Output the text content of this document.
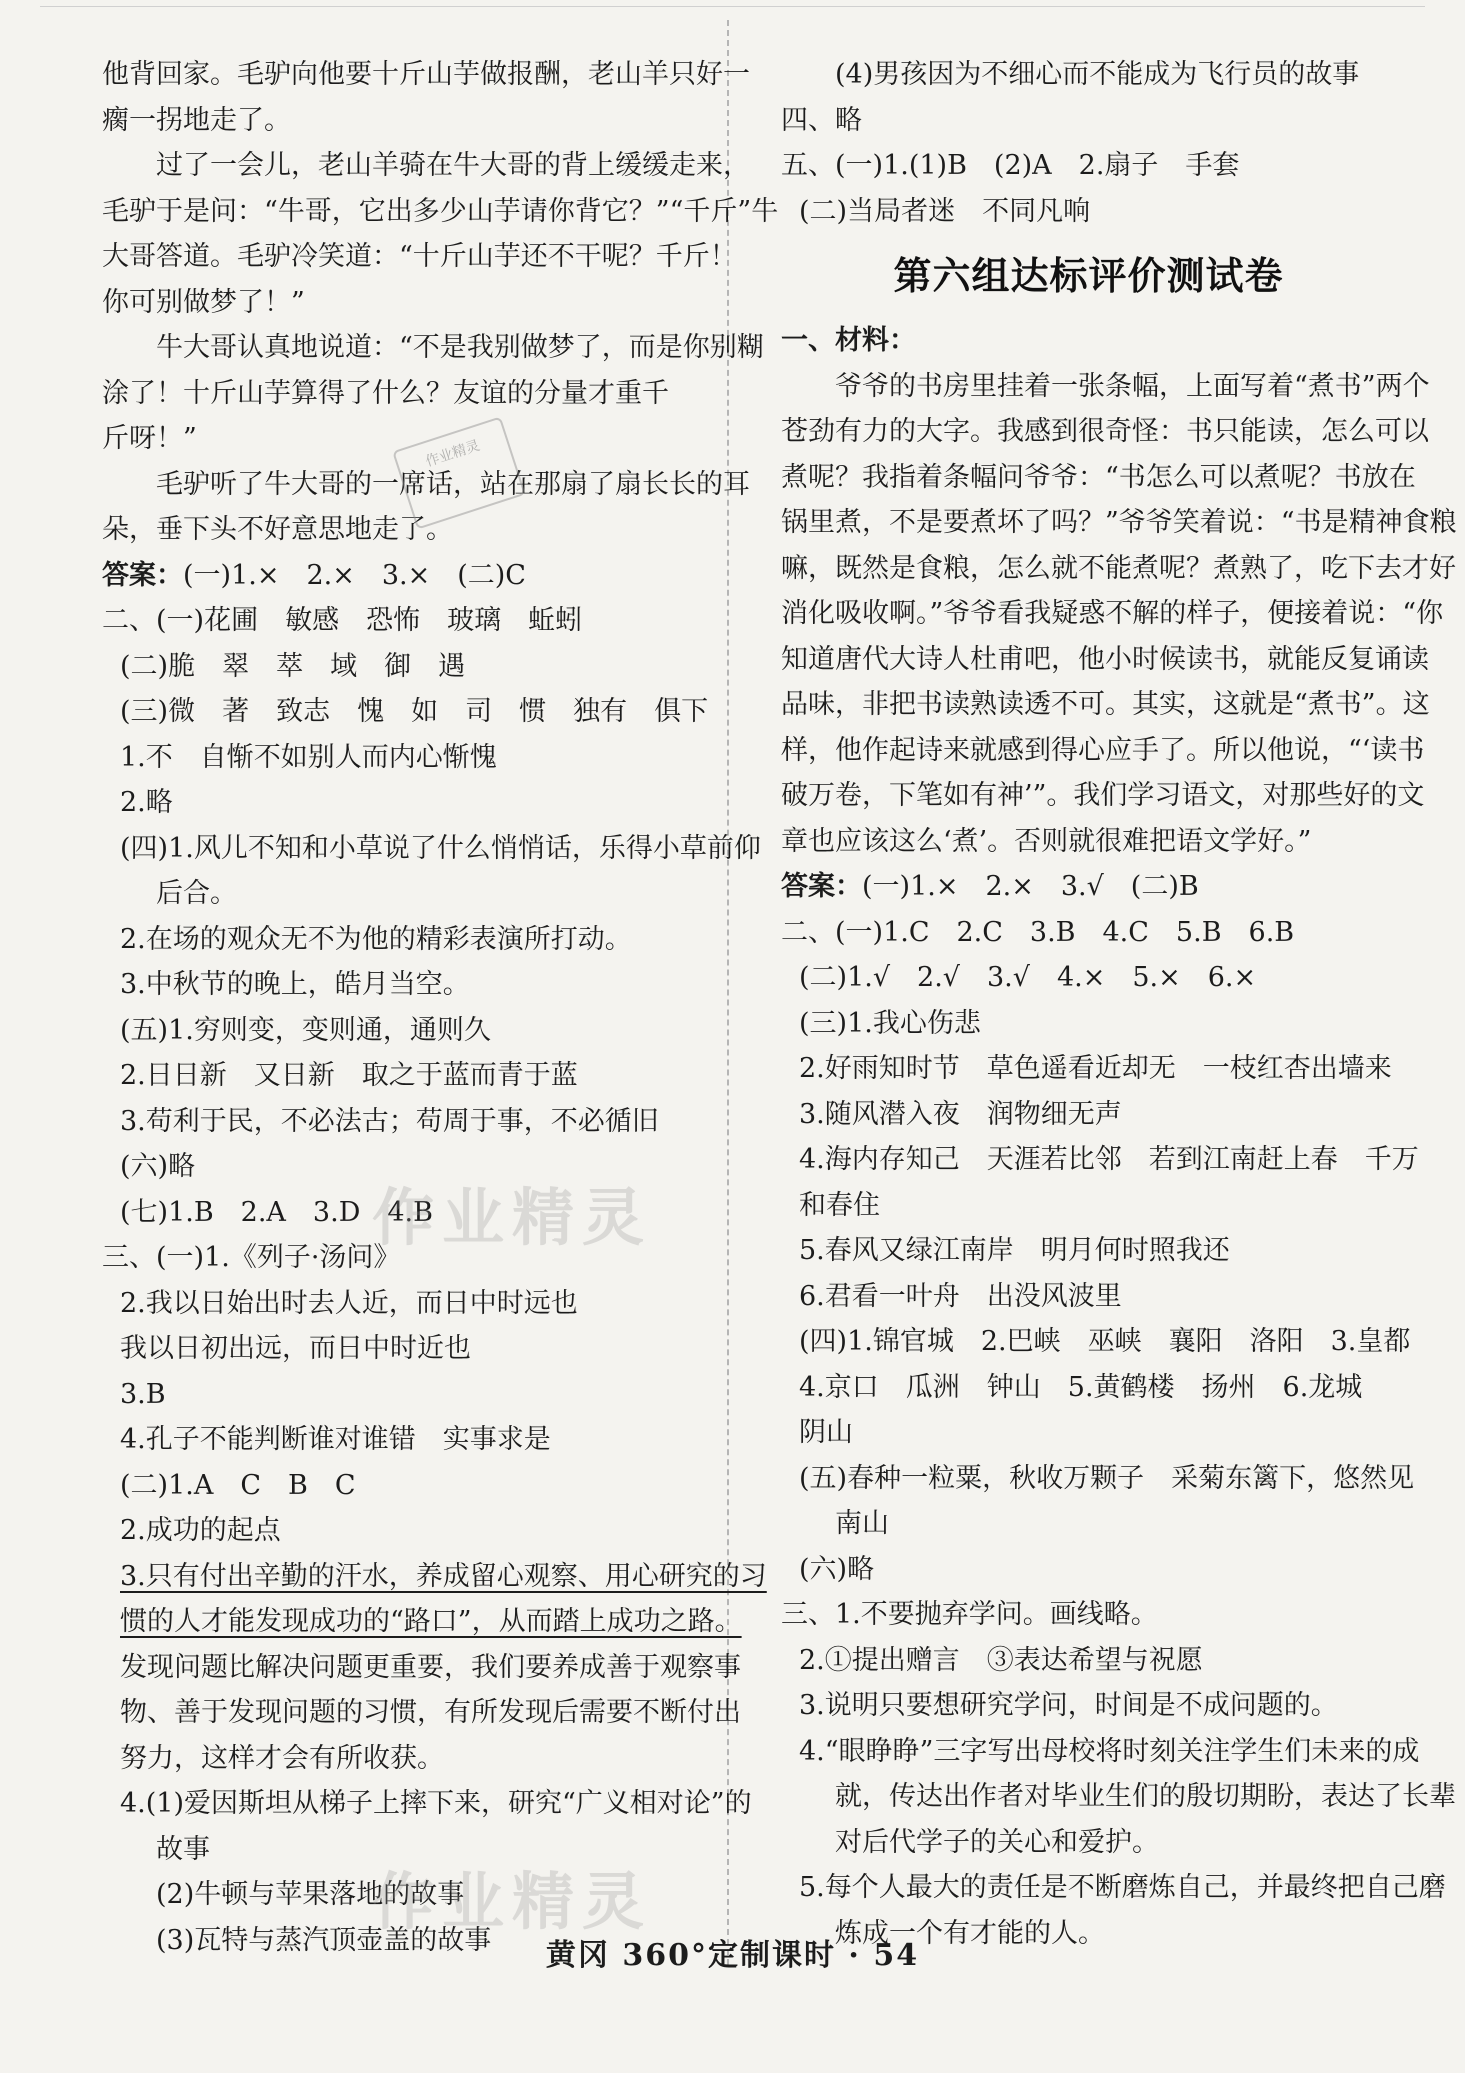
他背回家。毛驴向他要十斤山芋做报酬，老山羊只好一
瘸一拐地走了。
过了一会儿，老山羊骑在牛大哥的背上缓缓走来，
毛驴于是问：“牛哥，它出多少山芋请你背它？”“千斤”牛
大哥答道。毛驴冷笑道：“十斤山芋还不干呢？千斤！
你可别做梦了！”
牛大哥认真地说道：“不是我别做梦了，而是你别糊
涂了！十斤山芋算得了什么？友谊的分量才重千
斤呀！”
毛驴听了牛大哥的一席话，站在那扇了扇长长的耳
朵，垂下头不好意思地走了。
答案：(一)1.×　2.×　3.×　(二)C
二、(一)花圃　敏感　恐怖　玻璃　蚯蚓
(二)脆　翠　萃　域　御　遇
(三)微　著　致志　愧　如　司　惯　独有　俱下
1.不　自惭不如别人而内心惭愧
2.略
(四)1.风儿不知和小草说了什么悄悄话，乐得小草前仰
后合。
2.在场的观众无不为他的精彩表演所打动。
3.中秋节的晚上，皓月当空。
(五)1.穷则变，变则通，通则久
2.日日新　又日新　取之于蓝而青于蓝
3.苟利于民，不必法古；苟周于事，不必循旧
(六)略
(七)1.B　2.A　3.D　4.B
三、(一)1.《列子·汤问》
2.我以日始出时去人近，而日中时远也
我以日初出远，而日中时近也
3.B
4.孔子不能判断谁对谁错　实事求是
(二)1.A　C　B　C
2.成功的起点
3.只有付出辛勤的汗水，养成留心观察、用心研究的习
惯的人才能发现成功的“路口”，从而踏上成功之路。
发现问题比解决问题更重要，我们要养成善于观察事
物、善于发现问题的习惯，有所发现后需要不断付出
努力，这样才会有所收获。
4.(1)爱因斯坦从梯子上摔下来，研究“广义相对论”的
故事
(2)牛顿与苹果落地的故事
(3)瓦特与蒸汽顶壶盖的故事
(4)男孩因为不细心而不能成为飞行员的故事
四、略
五、(一)1.(1)B　(2)A　2.扇子　手套
(二)当局者迷　不同凡响
第六组达标评价测试卷
一、材料：
爷爷的书房里挂着一张条幅，上面写着“煮书”两个
苍劲有力的大字。我感到很奇怪：书只能读，怎么可以
煮呢？我指着条幅问爷爷：“书怎么可以煮呢？书放在
锅里煮，不是要煮坏了吗？”爷爷笑着说：“书是精神食粮
嘛，既然是食粮，怎么就不能煮呢？煮熟了，吃下去才好
消化吸收啊。”爷爷看我疑惑不解的样子，便接着说：“你
知道唐代大诗人杜甫吧，他小时候读书，就能反复诵读
品味，非把书读熟读透不可。其实，这就是“煮书”。这
样，他作起诗来就感到得心应手了。所以他说，“‘读书
破万卷，下笔如有神’”。我们学习语文，对那些好的文
章也应该这么‘煮’。否则就很难把语文学好。”
答案：(一)1.×　2.×　3.√　(二)B
二、(一)1.C　2.C　3.B　4.C　5.B　6.B
(二)1.√　2.√　3.√　4.×　5.×　6.×
(三)1.我心伤悲
2.好雨知时节　草色遥看近却无　一枝红杏出墙来
3.随风潜入夜　润物细无声
4.海内存知己　天涯若比邻　若到江南赶上春　千万
和春住
5.春风又绿江南岸　明月何时照我还
6.君看一叶舟　出没风波里
(四)1.锦官城　2.巴峡　巫峡　襄阳　洛阳　3.皇都
4.京口　瓜洲　钟山　5.黄鹤楼　扬州　6.龙城
阴山
(五)春种一粒粟，秋收万颗子　采菊东篱下，悠然见
南山
(六)略
三、1.不要抛弃学问。画线略。
2.①提出赠言　③表达希望与祝愿
3.说明只要想研究学问，时间是不成问题的。
4.“眼睁睁”三字写出母校将时刻关注学生们未来的成
就，传达出作者对毕业生们的殷切期盼，表达了长辈
对后代学子的关心和爱护。
5.每个人最大的责任是不断磨炼自己，并最终把自己磨
炼成一个有才能的人。
作业精灵
作业精灵
作业精灵
黄冈 360°定制课时 · 54
